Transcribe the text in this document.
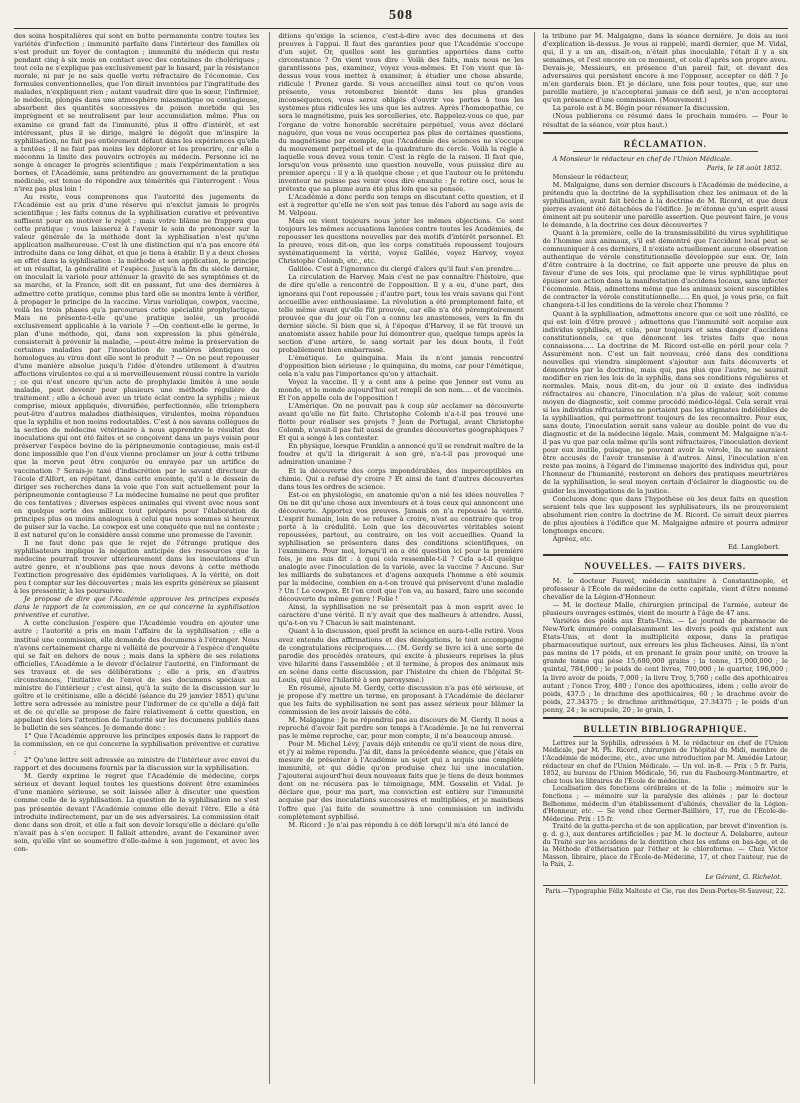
508

des soins hospitalières qui sont en butte permanente contre toutes les variétés d'infection ; immunité parfaite dans l'intérieur des familles où s'est produit un foyer de contagion ; immunité du médecin qui reste pendant cinq à six mois en contact avec des centaines de cholériques ; tout cela ne s'explique pas exclusivement par le hasard, par la résistance morale, ni par je ne sais quelle vertu réfractaire de l'économie. Ces formules conventionnelles, que l'on dirait inventées par l'ingratitude des malades, n'expliquent rien ; autant vaudrait dire que la sœur, l'infirmier, le médecin, plongés dans une atmosphère miasmatique ou contagieuse, absorbent des quantités successives de poison morbide qui les imprègnent et se neutralisent par leur accumulation même. Plus on examine ce grand fait de l'immunité, plus il offre d'intérêt, et est intéressant, plus il se dirige, malgré le dégoût que m'inspire la syphilisation, ne fait pas entièrement défaut dans les expériences qu'elle a tentées ; il ne faut pas moins les déplorer et les proscrire, car elle a méconnu la limite des pouvoirs octroyés au médecin. Personne ici ne songe à encager le progrès scientifique ; mais l'expérimentation a ses bornes, et l'Académie, sans prétendre au gouvernement de la pratique médicale, est tenue de répondre aux témérités qui l'interrogent : Vous n'irez pas plus loin !

Au reste, vous comprenons que l'autorité des jugements de l'Académie est au prix d'une réserve qui n'exclut jamais le progrès scientifique ; les faits connus de la syphilisation curative et préventive suffisent pour en motiver le rejet ; mais votre blâme ne frappera que cette pratique ; vous laisserez à l'avenir le soin de prononcer sur la valeur générale de la méthode dont la syphilisation n'est qu'une application malheureuse. C'est là une distinction qui n'a pas encore été introduite dans ce long débat, et que je tiens à établir. Il y a deux choses en effet dans la syphilisation : la méthode et son application, le principe et un résultat, la généralité et l'espèce. Jusqu'à la fin du siècle dernier, on inoculait la variole pour atténuer la gravité de ses symptômes et de sa marche, et la France, soit dit en passant, fut une des dernières à admettre cette pratique, comme plus tard elle se montra lente à vérifier, à propager le principe de la vaccine. Virus variolique, cowpox, vaccine, voilà les trois phases qu'a parcourues cette spécialité prophylactique. Mais ne présente-t-elle qu'une pratique isolée, un procédé exclusivement applicable à la variole ? —On contient-elle le germe, le plan d'une méthode, qui, dans son expression la plus générale, consisterait à prévenir la maladie, —peut-être même la préservation de certaines maladies par l'inoculation de matières identiques ou homologues au virus dont elle sont le produit ? — On ne peut repousser d'une manière absolue jusqu'à l'idée d'étendre utilement à d'autres affections virulentes ce qui a si merveilleusement réussi contre la variole ; ce qui n'est encore qu'un acte de prophylaxie limitée à une seule maladie, peut devenir pour plusieurs une méthode régulière de traitement ; elle a échoué avec un triste éclat contre la syphilis ; mieux comprise, mieux appliquée, diversifiée, perfectionnée, elle triomphera peut-être d'autres maladies diathésiques, virulentes, moins répandues que la syphilis et non moins redoutables. C'est à nos savans collègues de la section de médecine vétérinaire à nous apprendre le résultat des inoculations qui ont été faites et se conçoivent dans un pays voisin pour préserver l'espèce bovine de la péripneumonie contagieuse, mais est-il donc impossible que l'on d'eux vienne proclamer un jour à cette tribune que la morve peut être conjurée ou enrayée par un artifice de vaccination ? Serais-je taxé d'indiscrétion par le savant directeur de l'école d'Alfort, en répétant, dans cette enceinte, qu'il a le dessein de diriger ses recherches dans la voie que l'on suit actuellement pour la péripneumonie contagieuse ? La médecine humaine ne peut que profiter de ces tentatives ; diverses espèces animales qui vivent avec nous sont en quelque sorte des milieux tout préparés pour l'élaboration de principes plus ou moins analogues à celui que nous sommes si heureux de puiser sur la vache. Le cowpox est une conquête que nul ne conteste ; il est naturel qu'on le considère aussi comme une promesse de l'avenir.

Il ne faut donc pas que le rejet de l'étrange pratique des syphilisateurs implique la négation anticipée des ressources que la médecine pourrait trouver ultérieurement dans les inoculations d'un autre genre, et n'oublions pas que nous devons à cette méthode l'extinction progressive des épidémies varioliques. A la vérité, on doit peu t compter sur les découvertes ; mais les esprits généreux se plaisent à les pressentir, à les poursuivre.

Je propose de dire que l'Académie approuve les principes exposés dans le rapport de la commission, en ce qui concerne la syphilisation préventive et curative.

A cette conclusion j'espère que l'Académie voudra en ajouter une autre ; l'autorité a pris en main l'affaire de la syphilisation ; elle a institué une commission, elle demande des documens à l'étranger. Nous n'avons certainement charge ni velléité de pourvoir à l'espèce d'enquête qui se fait en dehors de nous ; mais dans la sphère de ses relations officielles, l'Académie a le devoir d'éclairer l'autorité, en l'informant de ses travaux et de ses délibérations ; elle a pris, en d'autres circonstances, l'initiative de l'envoi de ses documens spéciaux au ministre de l'intérieur ; c'est ainsi, qu'à la suite de la discussion sur le goître et le crétinisme, elle a décidé (séance du 29 janvier 1851) qu'une lettre sera adressée au ministre pour l'informer de ce qu'elle a déjà fait et de ce qu'elle se propose de faire relativement à cette question, en appelant dès lors l'attention de l'autorité sur les documens publiés dans le bulletin de ses séances. Je demande donc :

1° Que l'Académie approuve les principes exposés dans le rapport de la commission, en ce qui concerne la syphilisation préventive et curative ;

2° Qu'une lettre soit adressée au ministre de l'intérieur avec envoi du rapport et des documens fournis par la discussion sur la syphilisation.

M. Gerdy exprime le regret que l'Académie de médecine, corps sérieux et devant lequel toutes les questions doivent être examinées d'une manière sérieuse, se soit laissée aller à discuter une question comme celle de la syphilisation. La question de la syphilisation ne s'est pas présentée devant l'Académie comme elle devait l'être. Elle a été introduite indirectement, par un de ses adversaires. La commission était donc dans son droit, et elle a fait son devoir lorsqu'elle a déclaré qu'elle n'avait pas à s'en occuper. Il fallait attendre, avant de l'examiner avec soin, qu'elle vînt se soumettre d'elle-même à son jugement, et avec les con-

ditions qu'exige la science, c'est-à-dire avec des documens et des preuves à l'appui. Il faut des garanties pour que l'Académie s'occupe d'un sujet. Or, quelles sont les garanties apportées dans cette circonstance ? On vient vous dire : Voilà des faits, mais nous ne les garantissons pas, examinez, voyez vous-mêmes. Et l'on vient que là-dessus vous vous mettez à examiner, à étudier une chose absurde, ridicule ! Prenez garde. Si vous accueillez ainsi tout ce qu'on vous présente, vous retomberez bientôt dans les plus grandes inconséquences, vous serez obligés d'ouvrir vos portes à tous les systèmes plus ridicules les uns que les autres. Après l'homœopathie, ce sera le magnétisme, puis les sorcelleries, etc. Rappelez-vous ce que, par l'organe de votre honorable secrétaire perpétuel, vous avez déclaré naguère, que vous ne vous occuperiez pas plus de certaines questions, du magnétisme par exemple, que l'Académie des sciences ne s'occupe du mouvement perpétuel et de la quadrature du cercle. Voilà la règle à laquelle vous devez vous tenir. C'est la règle de la raison. Il faut que, lorsqu'on vous présente une question nouvelle, vous puissiez dire au premier aperçu : il y a là quelque chose ; et que l'auteur ou le prétendu inventeur ne puisse pas venir vous dire ensuite : Je retire ceci, sous le prétexte que sa plume aura été plus loin que sa pensée.

L'Académie a donc perdu son temps en discutant cette question, et il est à regretter qu'elle ne s'en soit pas tenue dès l'abord au sage avis de M. Velpeau.

Mais on vient toujours nous jeter les mêmes objections. Ce sont toujours les mêmes accusations lancées contre toutes les Académies, de repousser les questions nouvelles par des motifs d'intérêt personnel. Et la preuve, vous dit-on, que les corps constitués repoussent toujours systématiquement la vérité, voyez Galilée, voyez Harvey, voyez Christophe Colomb, etc., etc.

Galilée. C'est à l'ignorance du clergé d'alors qu'il faut s'en prendre....

La circulation de Harvey. Mais c'est ne pas connaître l'histoire, que de dire qu'elle a rencontré de l'opposition. Il y a eu, d'une part, des ignorans qui l'ont repoussée ; d'autre part, tous les vrais savans qui l'ont accueillie avec enthousiasme. La révolution a été promptement faite, et telle même avant qu'elle fût prouvée, car elle n'a été péremptoirement prouvée que du jour où l'on a connu les anastomoses, vers la fin du dernier siècle. Si bien que si, à l'époque d'Harvey, il se fût trouvé un anatomiste assez habile pour lui démontrer que, quelque temps après la section d'une artère, le sang sortait par les deux bouts, il l'eût probablement bien embarrassé.

L'émétique. Le quinquina. Mais ils n'ont jamais rencontré d'opposition bien sérieuse ; le quinquina, du moins, car pour l'émétique, cela n'a valu pas l'importance qu'on y attachait.

Voyez la vaccine. Il y a cent ans à peine que Jenner est venu au monde, et le monde aujourd'hui est rempli de son nom.... et de vaccinés. Et l'on appelle cela de l'opposition !

L'Amérique. On ne pouvait pas à coup sûr acclamer sa découverte avant qu'elle ne fût faite. Christophe Colomb n'a-t-il pas trouvé une flotte pour réaliser ses projets ? Jean de Portugal, avant Christophe Colomb, n'avait-il pas fait aussi de grandes découvertes géographiques ? Et qui a songé à les contester.

En physique, lorsque Franklin a annoncé qu'il se rendrait maître de la foudre et qu'il la dirigerait à son gré, n'a-t-il pas provoqué une admiration unanime ?

Et la découverte des corps impondérables, des imperceptibles en chimie. Qui a refusé d'y croire ? Et ainsi de tant d'autres découvertes dans tous les ordres de science.

Est-ce en physiologie, en anatomie qu'on a nié les idées nouvelles ? On ne dit qu'une chose aux inventeurs et à tous ceux qui annoncent une découverte. Apportez vos preuves. Jamais on n'a repoussé la vérité. L'esprit humain, loin de se refuser à croire, n'est au contraire que trop porté à la crédulité. Loin que les découvertes véritables soient repoussées, partout, au contraire, on les voit accueillies. Quand la syphilisation se présentera dans des conditions scientifiques, on l'examinera. Pour moi, lorsqu'il en a été question ici pour la première fois, je me suis dit : à quoi cela ressemble-t-il ? Cela a-t-il quelque analogie avec l'inoculation de la variole, avec la vaccine ? Aucune. Sur les milliards de substances et d'agens auxquels l'homme a été soumis par la médecine, combien en a-t-on trouvé qui préservent d'une maladie ? Un ! Le cowpox. Et l'on croit que l'on va, au hasard, faire une seconde découverte du même genre ! Folie !

Ainsi, la syphilisation ne se présentait pas à mon esprit avec le caractère d'une vérité. Il n'y avait que des malheurs à attendre. Aussi, qu'a-t-on vu ? Chacun le sait maintenant.

Quant à la discussion, quel profit la science en aura-t-elle retiré. Vous avez entendu des affirmations et des dénégations, le tout accompagné de congratulations réciproques..... (M. Gerdy se livre ici à une sorte de parodie des procédés orateurs, qui excite à plusieurs reprises la plus vive hilarité dans l'assemblée ; et il termine, à propos des animaux mis en scène dans cette discussion, par l'histoire du chien de l'hôpital St-Louis, qui élève l'hilarité à son paroxysme.)

En résumé, ajoute M. Gerdy, cette discussion n'a pas été sérieuse, et je propose d'y mettre un terme, en proposant à l'Académie de déclarer que les faits de syphilisation ne sont pas assez sérieux pour blâmer la commission de les avoir laissés de côté.

M. Malgaigne : Je ne répondrai pas au discours de M. Gerdy. Il nous a reproché d'avoir fait perdre son temps à l'Académie. Je ne lui renverrai pas le même reproche, car, pour mon compte, il m'a beaucoup amusé.

Pour M. Michel Lévy, j'avais déjà entendu ce qu'il vient de nous dire, et j'y ai même répondu. J'ai dit, dans la précédente séance, que j'étais en mesure de présenter à l'Académie un sujet qui a acquis une complète immunité, et qui dédie qu'on produise chez lui une inoculation. J'ajouterai aujourd'hui deux nouveaux faits que je tiens de deux hommes dont on ne récusera pas le témoignage, MM. Gosselin et Vidal. Je déclare que, pour ma part, ma conviction est entière sur l'immunité acquise par des inoculations successives et multipliées, et je maintiens l'offre que j'ai faite de soumettre à une commission un individu complètement syphilisé.

M. Ricord : Je n'ai pas répondu à ce défi lorsqu'il m'a été lancé de

la tribune par M. Malgaigne, dans la séance dernière. Je dois au moi d'explication là-dessus. Je vous ai rappelé, mardi dernier, que M. Vidal, qui, il y a un an, disait-on, n'était plus inoculable, l'était il y a six semaines, et l'est encore en ce moment, et cela d'après son propre aveu. Devais-je, Messieurs, en présence d'un pareil fait, et devant des adversaires qui persistent encore à me l'opposer, accepter ce défi ? Je m'en garderais bien. Et je déclare, une fois pour toutes, que, sur une pareille matière, je n'accepterai jamais ce défi seul, je n'en accepterai qu'en présence d'une commission. (Mouvement.)

La parole est à M. Bégin pour résumer la discussion.

(Nous publierons ce résumé dans le prochain numéro. — Pour le résultat de la séance, voir plus haut.)

RÉCLAMATION.

A Monsieur le rédacteur en chef de l'Union Médicale.

Paris, le 18 août 1852.

Monsieur le rédacteur,

M. Malgaigne, dans son dernier discours à l'Académie de médecine, a prétendu que la doctrine de la syphilisation chez les animaux et de la syphilisation, avait fait brèche à la doctrine de M. Ricord, et que deux pierres avaient été détachées de l'édifice. Je m'étonne qu'un esprit aussi éminent ait pu soutenir une pareille assertion. Que peuvent faire, je vous le demande, à la doctrine ces deux découvertes ?

Quant à la première, celle de la transmissibilité du virus syphilitique de l'homme aux animaux, s'il est démontré que l'accident local peut se communiquer à ces derniers, il n'existe actuellement aucune observation authentique de vérole constitutionnelle développée sur eux. Or, loin d'être contraire à la doctrine, ce fait apporte une preuve de plus en faveur d'une de ses lois, qui proclame que le virus syphilitique peut épuiser son action dans la manifestation d'accidens locaux, sans infecter l'économie. Mais, admettons même que les animaux soient susceptibles de contracter la vérole constitutionnelle..... En quoi, je vous prie, ce fait changera-t-il les conditions de la vérole chez l'homme ?

Quant à la syphilisation, admettons encore que ce soit une réalité, ce qui est loin d'être prouvé ; admettons que l'immunité soit acquise aux individus syphilisés, et cela, pour toujours et sans danger d'accidens constitutionnels, ce que dénoncent les tristes faits que nous connaissons..... La doctrine de M. Ricord est-elle en péril pour cela ? Assurément non. C'est un fait nouveau, créé dans des conditions nouvelles qui viendra simplement s'ajouter aux faits découverts et démontrés par la doctrine, mais qui, pas plus que l'autre, ne saurait modifier en rien les lois de la syphilis, dans ses conditions régulières et normales. Mais, nous dit-on, du jour où il existe des individus réfractaires au chancre, l'inoculation n'a plus de valeur, soit comme moyen de diagnostic, soit comme procédé médico-légal. Cela serait vrai si les individus réfractaires ne portaient pas les stigmates indélébiles de la syphilisation, qui permettront toujours de les reconnaître. Pour eux, sans doute, l'inoculation serait sans valeur au double point de vue du diagnostic et de la médecine légale. Mais, comment M. Malgaigne n'a-t-il pas vu que par cela même qu'ils sont réfractaires, l'inoculation devient pour eux inutile, puisque, ne pouvant avoir la vérole, ils ne sauraient être accusés de l'avoir transmise à d'autres. Ainsi, l'inoculation n'en reste pas moins, à l'égard de l'immense majorité des individus qui, pour l'honneur de l'humanité, resteront en dehors des pratiques meurtrières de la syphilisation, le seul moyen certain d'éclairer le diagnostic ou de guider les investigations de la justice.

Concluons donc que dans l'hypothèse où les deux faits en question seraient tels que les supposent les syphilisateurs, ils ne prouveraient absolument rien contre la doctrine de M. Ricord. Ce serait deux pierres de plus ajoutées à l'édifice que M. Malgaigne admire et pourra admirer longtemps encore.

Agréez, etc.

Ed. Langlebert.
NOUVELLES. — FAITS DIVERS.

M. le docteur Fauvel, médecin sanitaire à Constantinople, et professeur à l'École de médecine de cette capitale, vient d'être nommé chevalier de la Légion-d'Honneur.

— M. le docteur Malle, chirurgien principal de l'armée, auteur de plusieurs ouvrages estimés, vient de mourir à l'âge de 47 ans.

Variétés des poids aux États-Unis. — Le journal de pharmacie de New-York énumère complaisamment les divers poids qui existent aux États-Unis, et dont la multiplicité expose, dans la pratique pharmaceutique surtout, aux erreurs les plus fâcheuses. Ainsi, ils n'ont pas moins de 17 poids, et en prenant le grain pour unité, on trouve la grande tonne qui pèse 15,680,000 grains ; la tonne, 15,000,000 ; le quintal, 784,000 ; le poids de cent livres, 700,000 ; le quarter, 196,000 ; la livre avoir de poids, 7,000 ; la livre Troy, 5,760 ; celle des apothicaires autant ; l'once Troy, 480 ; l'once des apothicaires, idem ; celle avoir de poids, 437.5 ; le drachme des apothicaires, 60 ; le drachme avoir de poids, 27.34375 ; le drachme arithmétique, 27.34375 ; le poids d'un penny, 24 ; le scrupule, 20 ; le grain, 1.

BULLETIN BIBLIOGRAPHIQUE.

Lettres sur la Syphilis, adressées à M. le rédacteur en chef de l'Union Médicale, par M. Ph. Ricord, chirurgien de l'hôpital du Midi, membre de l'Académie de médecine, etc., avec une introduction par M. Amédée Latour, rédacteur en chef de l'Union Médicale. — Un vol. in-8. — Prix : 5 fr. Paris, 1852, au bureau de l'Union Médicale, 56, rue du Faubourg-Montmartre, et chez tous les libraires de l'École de médecine.

Localisation des fonctions cérébrales et de la folie ; mémoire sur le fonctions ; — mémoire sur la paralysie des aliénés ; par le docteur Belhomme, médecin d'un établissement d'aliénés, chevalier de la Légion-d'Honneur, etc. — Se vend chez Germer-Baillière, 17, rue de l'École-de-Médecine. Prix : 15 fr.

Traité de la gutta-percha et de son application, par brevet d'invention (s. g. d. g.), aux dentures artificielles ; par M. le docteur A. Delabarre, auteur du Traité sur les accidens de la dentition chez les enfans en bas-âge, et de la Méthode d'éthérisation par l'éther et le chloroforme. — Chez Victor Masson, libraire, place de l'École-de-Médecine, 17, et chez l'auteur, rue de la Paix, 2.

Le Gérant, G. Richelot.
Paris.—Typographie Félix Malteste et Cie, rue des Deux-Portes-St-Sauveur, 22.
